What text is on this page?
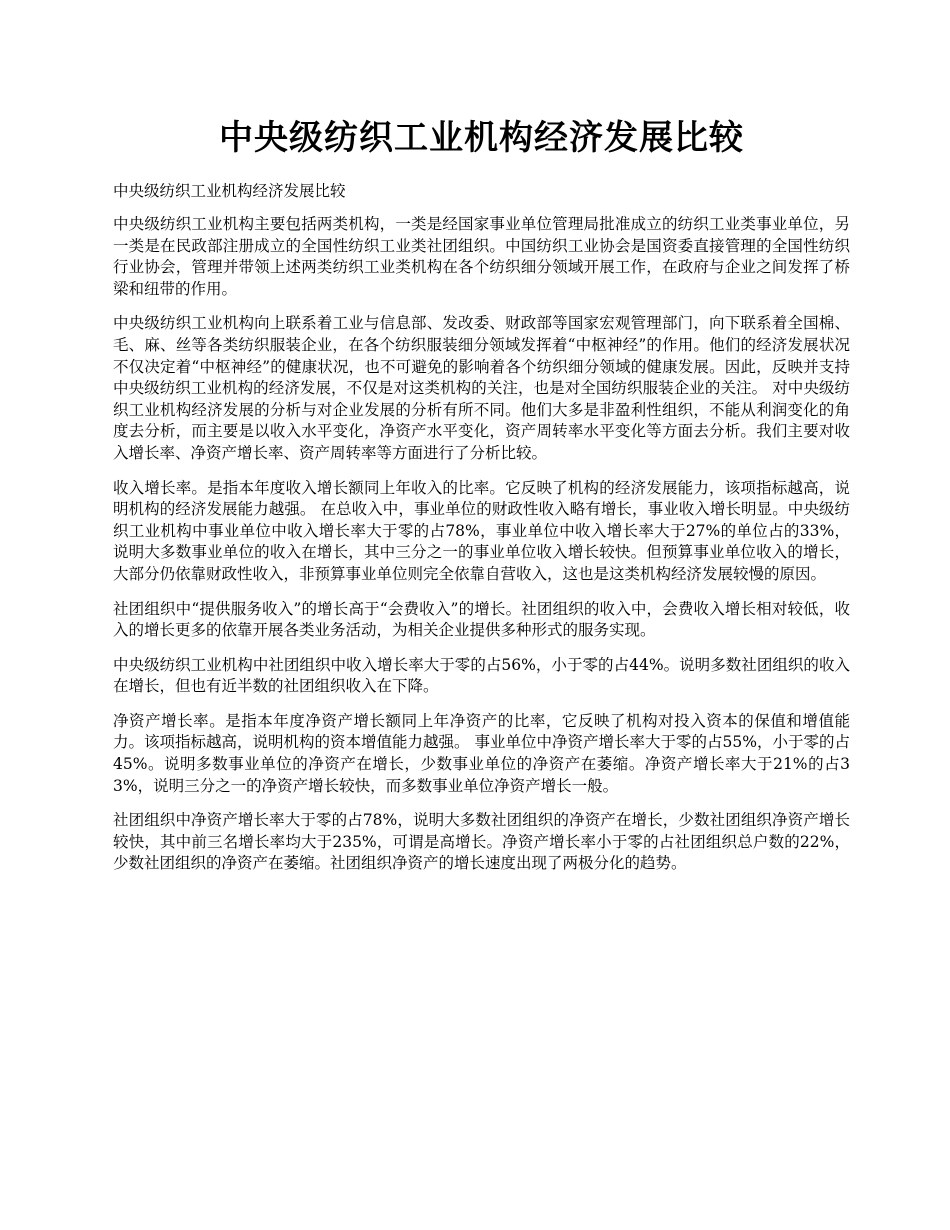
中央级纺织工业机构经济发展比较

中央级纺织工业机构经济发展比较

中央级纺织工业机构主要包括两类机构，一类是经国家事业单位管理局批准成立的纺织工业类事业单位，另一类是在民政部注册成立的全国性纺织工业类社团组织。中国纺织工业协会是国资委直接管理的全国性纺织行业协会，管理并带领上述两类纺织工业类机构在各个纺织细分领域开展工作，在政府与企业之间发挥了桥梁和纽带的作用。

中央级纺织工业机构向上联系着工业与信息部、发改委、财政部等国家宏观管理部门，向下联系着全国棉、毛、麻、丝等各类纺织服装企业，在各个纺织服装细分领域发挥着“中枢神经”的作用。他们的经济发展状况不仅决定着“中枢神经”的健康状况，也不可避免的影响着各个纺织细分领域的健康发展。因此，反映并支持中央级纺织工业机构的经济发展，不仅是对这类机构的关注，也是对全国纺织服装企业的关注。 对中央级纺织工业机构经济发展的分析与对企业发展的分析有所不同。他们大多是非盈利性组织，不能从利润变化的角度去分析，而主要是以收入水平变化，净资产水平变化，资产周转率水平变化等方面去分析。我们主要对收入增长率、净资产增长率、资产周转率等方面进行了分析比较。

收入增长率。是指本年度收入增长额同上年收入的比率。它反映了机构的经济发展能力，该项指标越高，说明机构的经济发展能力越强。 在总收入中，事业单位的财政性收入略有增长，事业收入增长明显。中央级纺织工业机构中事业单位中收入增长率大于零的占78%，事业单位中收入增长率大于27%的单位占的33%，说明大多数事业单位的收入在增长，其中三分之一的事业单位收入增长较快。但预算事业单位收入的增长，大部分仍依靠财政性收入，非预算事业单位则完全依靠自营收入，这也是这类机构经济发展较慢的原因。

社团组织中“提供服务收入”的增长高于“会费收入”的增长。社团组织的收入中，会费收入增长相对较低，收入的增长更多的依靠开展各类业务活动，为相关企业提供多种形式的服务实现。

中央级纺织工业机构中社团组织中收入增长率大于零的占56%，小于零的占44%。说明多数社团组织的收入在增长，但也有近半数的社团组织收入在下降。

净资产增长率。是指本年度净资产增长额同上年净资产的比率，它反映了机构对投入资本的保值和增值能力。该项指标越高，说明机构的资本增值能力越强。 事业单位中净资产增长率大于零的占55%，小于零的占45%。说明多数事业单位的净资产在增长，少数事业单位的净资产在萎缩。净资产增长率大于21%的占33%，说明三分之一的净资产增长较快，而多数事业单位净资产增长一般。

社团组织中净资产增长率大于零的占78%，说明大多数社团组织的净资产在增长，少数社团组织净资产增长较快，其中前三名增长率均大于235%，可谓是高增长。净资产增长率小于零的占社团组织总户数的22%，少数社团组织的净资产在萎缩。社团组织净资产的增长速度出现了两极分化的趋势。
